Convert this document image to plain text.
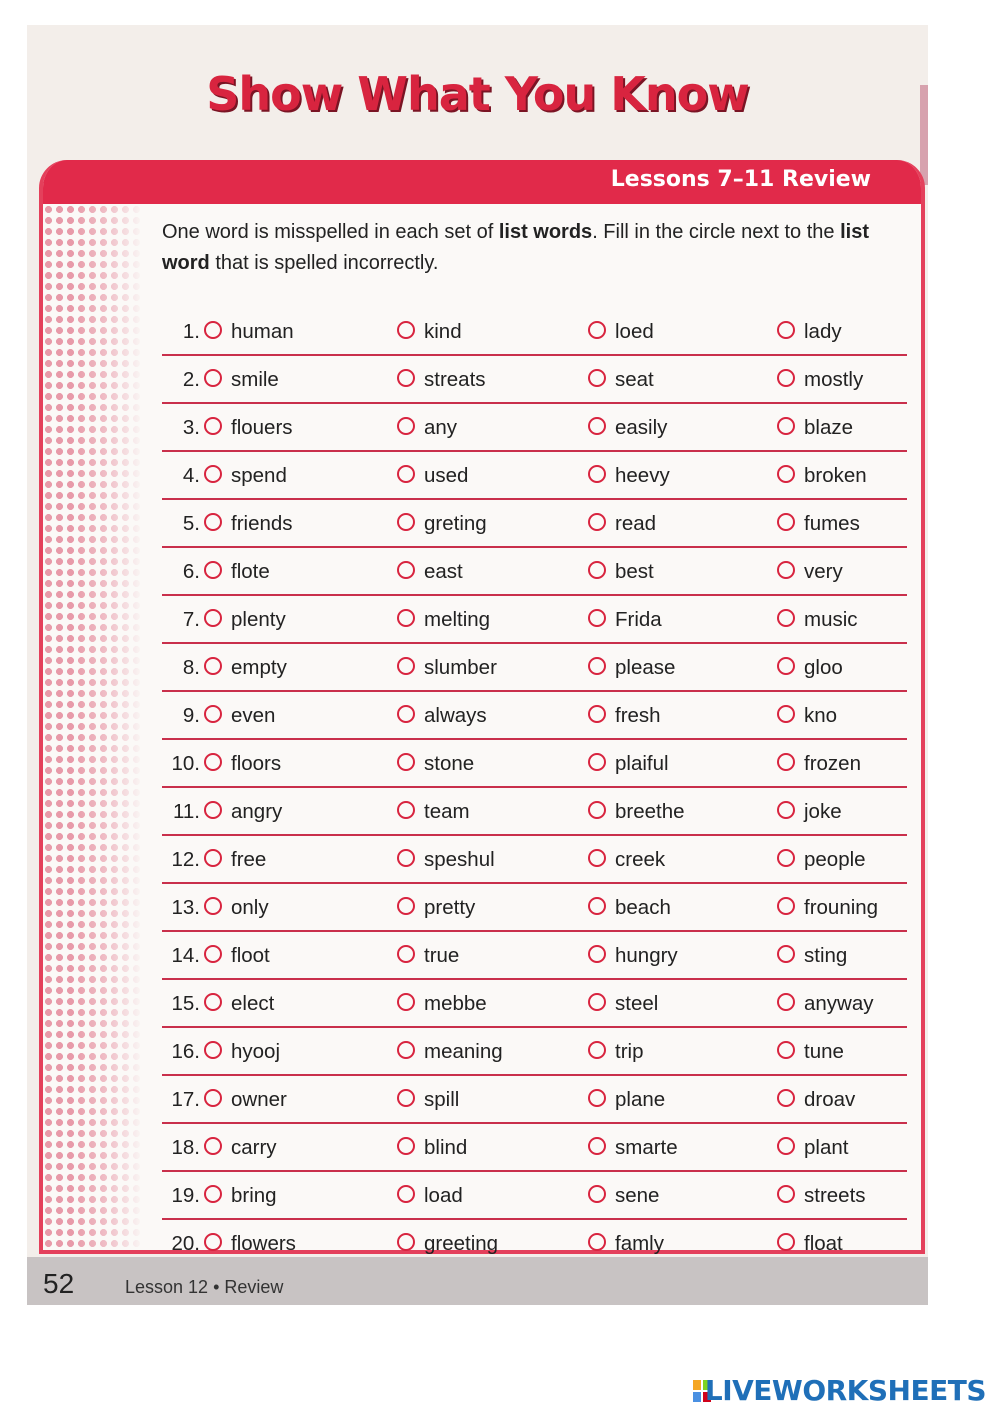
Show What You Know
Lessons 7–11 Review

One word is misspelled in each set of list words. Fill in the circle next to the list word that is spelled incorrectly.

1.	human	kind	loed	lady
2.	smile	streats	seat	mostly
3.	flouers	any	easily	blaze
4.	spend	used	heevy	broken
5.	friends	greting	read	fumes
6.	flote	east	best	very
7.	plenty	melting	Frida	music
8.	empty	slumber	please	gloo
9.	even	always	fresh	kno
10.	floors	stone	plaiful	frozen
11.	angry	team	breethe	joke
12.	free	speshul	creek	people
13.	only	pretty	beach	frouning
14.	floot	true	hungry	sting
15.	elect	mebbe	steel	anyway
16.	hyooj	meaning	trip	tune
17.	owner	spill	plane	droav
18.	carry	blind	smarte	plant
19.	bring	load	sene	streets
20.	flowers	greeting	famly	float

52	Lesson 12 • Review
LIVEWORKSHEETS
